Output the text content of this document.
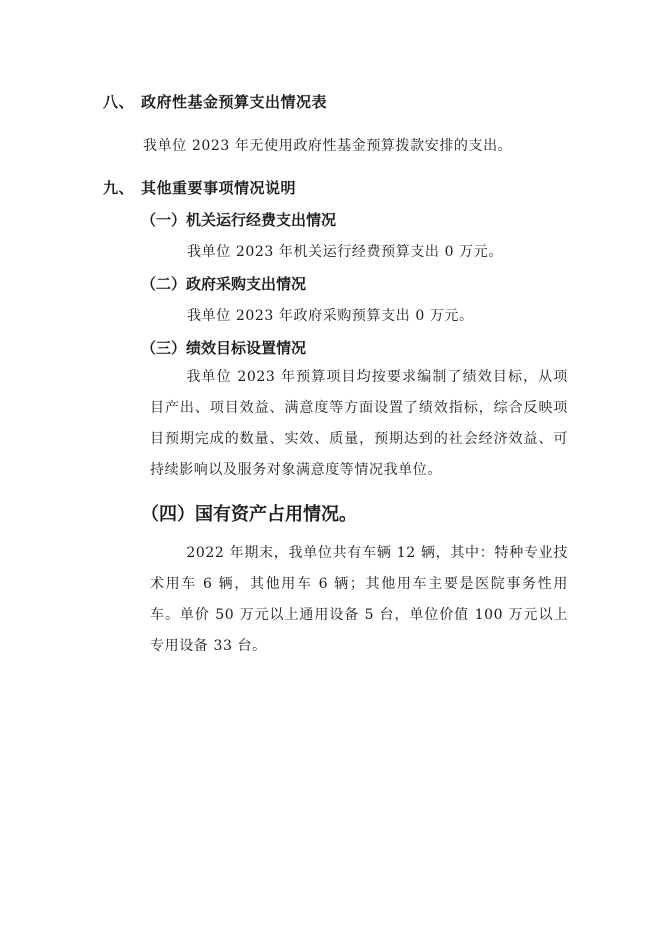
八、 政府性基金预算支出情况表
我单位 2023 年无使用政府性基金预算拨款安排的支出。
九、 其他重要事项情况说明
（一）机关运行经费支出情况
我单位 2023 年机关运行经费预算支出 0 万元。
（二）政府采购支出情况
我单位 2023 年政府采购预算支出 0 万元。
（三）绩效目标设置情况
我单位 2023 年预算项目均按要求编制了绩效目标，从项目产出、项目效益、满意度等方面设置了绩效指标，综合反映项目预期完成的数量、实效、质量，预期达到的社会经济效益、可持续影响以及服务对象满意度等情况我单位。
（四）国有资产占用情况。
2022 年期末，我单位共有车辆 12 辆，其中：特种专业技术用车 6 辆，其他用车 6 辆；其他用车主要是医院事务性用车。单价 50 万元以上通用设备 5 台，单位价值 100 万元以上专用设备 33 台。
